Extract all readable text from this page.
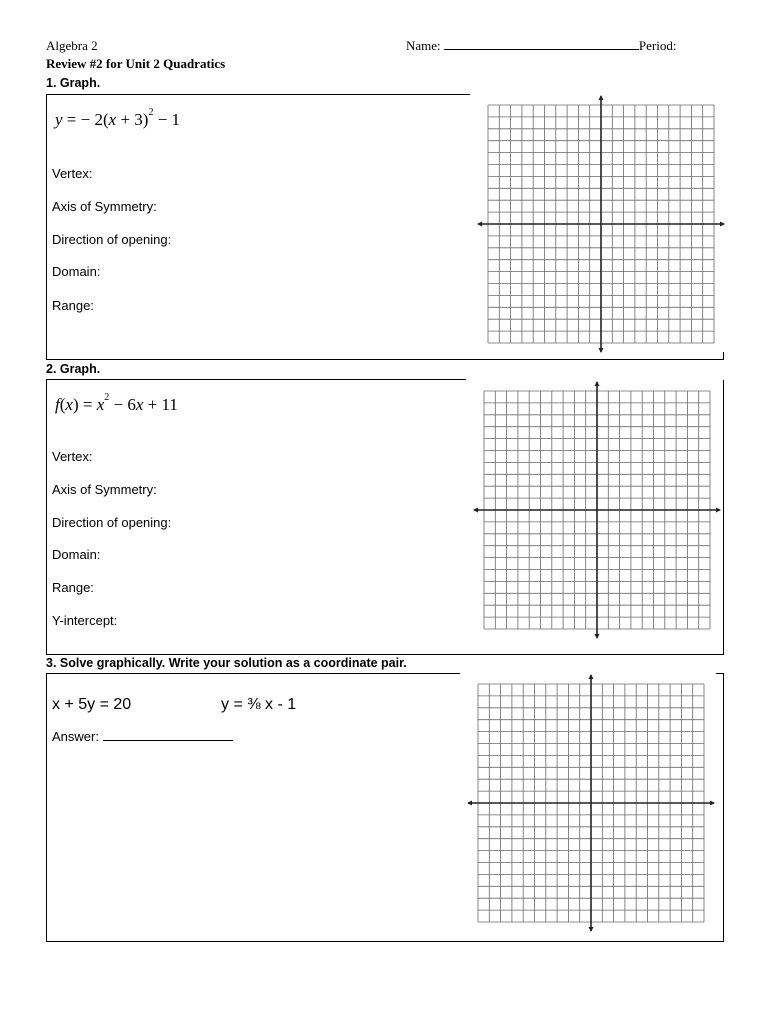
Algebra 2	Name:	Period:
Review #2 for Unit 2 Quadratics
1. Graph.
y = − $2(x + 3)^2 - 1$
Vertex:
Axis of Symmetry:
Direction of opening:
Domain:
Range:
2. Graph.
$f(x) = x^2 - 6x + 11$
Vertex:
Axis of Symmetry:
Direction of opening:
Domain:
Range:
Y-intercept:
3. Solve graphically. Write your solution as a coordinate pair.
x + 5y = 20	y = ⅜ x - 1
Answer:
